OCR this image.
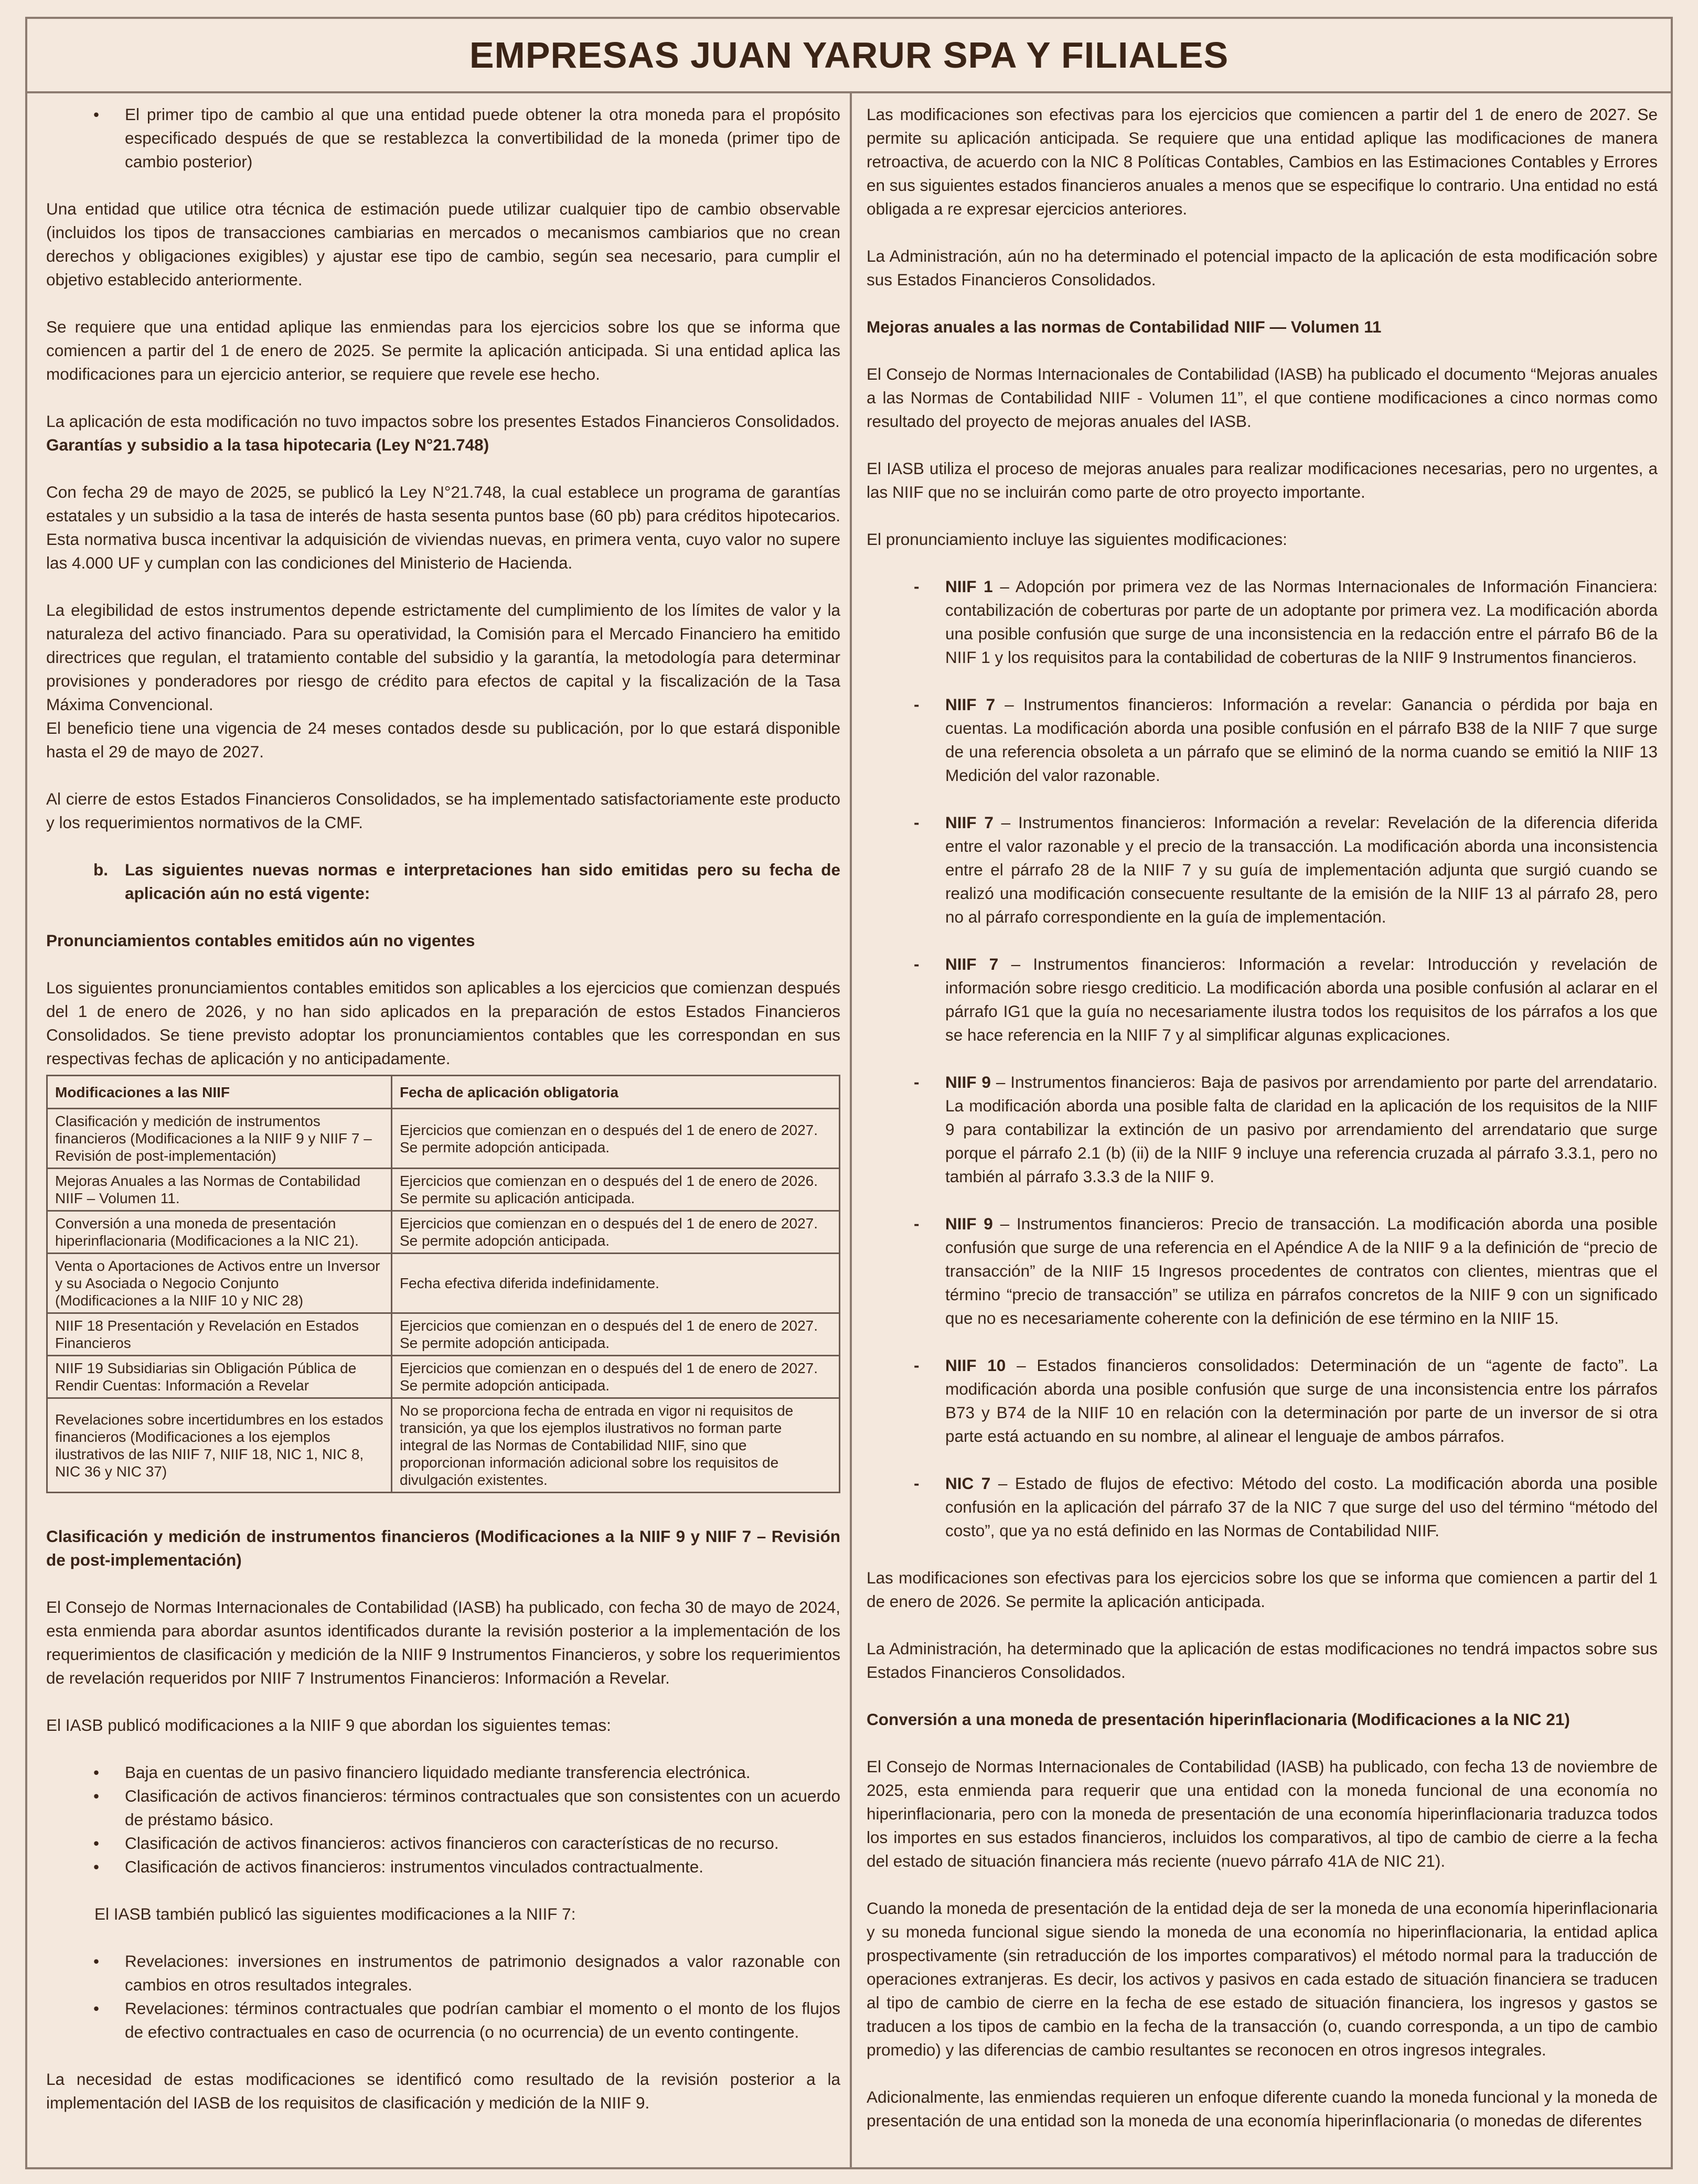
EMPRESAS JUAN YARUR SPA Y FILIALES
• El primer tipo de cambio al que una entidad puede obtener la otra moneda para el propósito especificado después de que se restablezca la convertibilidad de la moneda (primer tipo de cambio posterior)

Una entidad que utilice otra técnica de estimación puede utilizar cualquier tipo de cambio observable (incluidos los tipos de transacciones cambiarias en mercados o mecanismos cambiarios que no crean derechos y obligaciones exigibles) y ajustar ese tipo de cambio, según sea necesario, para cumplir el objetivo establecido anteriormente.

Se requiere que una entidad aplique las enmiendas para los ejercicios sobre los que se informa que comiencen a partir del 1 de enero de 2025. Se permite la aplicación anticipada. Si una entidad aplica las modificaciones para un ejercicio anterior, se requiere que revele ese hecho.

La aplicación de esta modificación no tuvo impactos sobre los presentes Estados Financieros Consolidados.

Garantías y subsidio a la tasa hipotecaria (Ley N°21.748)

Con fecha 29 de mayo de 2025, se publicó la Ley N°21.748, la cual establece un programa de garantías estatales y un subsidio a la tasa de interés de hasta sesenta puntos base (60 pb) para créditos hipotecarios. Esta normativa busca incentivar la adquisición de viviendas nuevas, en primera venta, cuyo valor no supere las 4.000 UF y cumplan con las condiciones del Ministerio de Hacienda.

La elegibilidad de estos instrumentos depende estrictamente del cumplimiento de los límites de valor y la naturaleza del activo financiado. Para su operatividad, la Comisión para el Mercado Financiero ha emitido directrices que regulan, el tratamiento contable del subsidio y la garantía, la metodología para determinar provisiones y ponderadores por riesgo de crédito para efectos de capital y la fiscalización de la Tasa Máxima Convencional.

El beneficio tiene una vigencia de 24 meses contados desde su publicación, por lo que estará disponible hasta el 29 de mayo de 2027.

Al cierre de estos Estados Financieros Consolidados, se ha implementado satisfactoriamente este producto y los requerimientos normativos de la CMF.

b. Las siguientes nuevas normas e interpretaciones han sido emitidas pero su fecha de aplicación aún no está vigente:
Pronunciamientos contables emitidos aún no vigentes

Los siguientes pronunciamientos contables emitidos son aplicables a los ejercicios que comienzan después del 1 de enero de 2026, y no han sido aplicados en la preparación de estos Estados Financieros Consolidados. Se tiene previsto adoptar los pronunciamientos contables que les correspondan en sus respectivas fechas de aplicación y no anticipadamente.

Modificaciones a las NIIF	Fecha de aplicación obligatoria
Clasificación y medición de instrumentos financieros (Modificaciones a la NIIF 9 y NIIF 7 – Revisión de post-implementación)	Ejercicios que comienzan en o después del 1 de enero de 2027. Se permite adopción anticipada.
Mejoras Anuales a las Normas de Contabilidad NIIF – Volumen 11.	Ejercicios que comienzan en o después del 1 de enero de 2026. Se permite su aplicación anticipada.
Conversión a una moneda de presentación hiperinflacionaria (Modificaciones a la NIC 21).	Ejercicios que comienzan en o después del 1 de enero de 2027. Se permite adopción anticipada.
Venta o Aportaciones de Activos entre un Inversor y su Asociada o Negocio Conjunto (Modificaciones a la NIIF 10 y NIC 28)	Fecha efectiva diferida indefinidamente.
NIIF 18 Presentación y Revelación en Estados Financieros	Ejercicios que comienzan en o después del 1 de enero de 2027. Se permite adopción anticipada.
NIIF 19 Subsidiarias sin Obligación Pública de Rendir Cuentas: Información a Revelar	Ejercicios que comienzan en o después del 1 de enero de 2027. Se permite adopción anticipada.
Revelaciones sobre incertidumbres en los estados financieros (Modificaciones a los ejemplos ilustrativos de las NIIF 7, NIIF 18, NIC 1, NIC 8, NIC 36 y NIC 37)	No se proporciona fecha de entrada en vigor ni requisitos de transición, ya que los ejemplos ilustrativos no forman parte integral de las Normas de Contabilidad NIIF, sino que proporcionan información adicional sobre los requisitos de divulgación existentes.
Clasificación y medición de instrumentos financieros (Modificaciones a la NIIF 9 y NIIF 7 – Revisión de post-implementación)

El Consejo de Normas Internacionales de Contabilidad (IASB) ha publicado, con fecha 30 de mayo de 2024, esta enmienda para abordar asuntos identificados durante la revisión posterior a la implementación de los requerimientos de clasificación y medición de la NIIF 9 Instrumentos Financieros, y sobre los requerimientos de revelación requeridos por NIIF 7 Instrumentos Financieros: Información a Revelar.

El IASB publicó modificaciones a la NIIF 9 que abordan los siguientes temas:

• Baja en cuentas de un pasivo financiero liquidado mediante transferencia electrónica.
• Clasificación de activos financieros: términos contractuales que son consistentes con un acuerdo de préstamo básico.
• Clasificación de activos financieros: activos financieros con características de no recurso.
• Clasificación de activos financieros: instrumentos vinculados contractualmente.

El IASB también publicó las siguientes modificaciones a la NIIF 7:

• Revelaciones: inversiones en instrumentos de patrimonio designados a valor razonable con cambios en otros resultados integrales.
• Revelaciones: términos contractuales que podrían cambiar el momento o el monto de los flujos de efectivo contractuales en caso de ocurrencia (o no ocurrencia) de un evento contingente.

La necesidad de estas modificaciones se identificó como resultado de la revisión posterior a la implementación del IASB de los requisitos de clasificación y medición de la NIIF 9.

Las modificaciones son efectivas para los ejercicios que comiencen a partir del 1 de enero de 2027. Se permite su aplicación anticipada. Se requiere que una entidad aplique las modificaciones de manera retroactiva, de acuerdo con la NIC 8 Políticas Contables, Cambios en las Estimaciones Contables y Errores en sus siguientes estados financieros anuales a menos que se especifique lo contrario. Una entidad no está obligada a re expresar ejercicios anteriores.

La Administración, aún no ha determinado el potencial impacto de la aplicación de esta modificación sobre sus Estados Financieros Consolidados.

Mejoras anuales a las normas de Contabilidad NIIF — Volumen 11

El Consejo de Normas Internacionales de Contabilidad (IASB) ha publicado el documento “Mejoras anuales a las Normas de Contabilidad NIIF - Volumen 11”, el que contiene modificaciones a cinco normas como resultado del proyecto de mejoras anuales del IASB.

El IASB utiliza el proceso de mejoras anuales para realizar modificaciones necesarias, pero no urgentes, a las NIIF que no se incluirán como parte de otro proyecto importante.

El pronunciamiento incluye las siguientes modificaciones:

- NIIF 1 – Adopción por primera vez de las Normas Internacionales de Información Financiera: contabilización de coberturas por parte de un adoptante por primera vez. La modificación aborda una posible confusión que surge de una inconsistencia en la redacción entre el párrafo B6 de la NIIF 1 y los requisitos para la contabilidad de coberturas de la NIIF 9 Instrumentos financieros.
- NIIF 7 – Instrumentos financieros: Información a revelar: Ganancia o pérdida por baja en cuentas. La modificación aborda una posible confusión en el párrafo B38 de la NIIF 7 que surge de una referencia obsoleta a un párrafo que se eliminó de la norma cuando se emitió la NIIF 13 Medición del valor razonable.
- NIIF 7 – Instrumentos financieros: Información a revelar: Revelación de la diferencia diferida entre el valor razonable y el precio de la transacción. La modificación aborda una inconsistencia entre el párrafo 28 de la NIIF 7 y su guía de implementación adjunta que surgió cuando se realizó una modificación consecuente resultante de la emisión de la NIIF 13 al párrafo 28, pero no al párrafo correspondiente en la guía de implementación.
- NIIF 7 – Instrumentos financieros: Información a revelar: Introducción y revelación de información sobre riesgo crediticio. La modificación aborda una posible confusión al aclarar en el párrafo IG1 que la guía no necesariamente ilustra todos los requisitos de los párrafos a los que se hace referencia en la NIIF 7 y al simplificar algunas explicaciones.
- NIIF 9 – Instrumentos financieros: Baja de pasivos por arrendamiento por parte del arrendatario. La modificación aborda una posible falta de claridad en la aplicación de los requisitos de la NIIF 9 para contabilizar la extinción de un pasivo por arrendamiento del arrendatario que surge porque el párrafo 2.1 (b) (ii) de la NIIF 9 incluye una referencia cruzada al párrafo 3.3.1, pero no también al párrafo 3.3.3 de la NIIF 9.
- NIIF 9 – Instrumentos financieros: Precio de transacción. La modificación aborda una posible confusión que surge de una referencia en el Apéndice A de la NIIF 9 a la definición de “precio de transacción” de la NIIF 15 Ingresos procedentes de contratos con clientes, mientras que el término “precio de transacción” se utiliza en párrafos concretos de la NIIF 9 con un significado que no es necesariamente coherente con la definición de ese término en la NIIF 15.
- NIIF 10 – Estados financieros consolidados: Determinación de un “agente de facto”. La modificación aborda una posible confusión que surge de una inconsistencia entre los párrafos B73 y B74 de la NIIF 10 en relación con la determinación por parte de un inversor de si otra parte está actuando en su nombre, al alinear el lenguaje de ambos párrafos.
- NIC 7 – Estado de flujos de efectivo: Método del costo. La modificación aborda una posible confusión en la aplicación del párrafo 37 de la NIC 7 que surge del uso del término “método del costo”, que ya no está definido en las Normas de Contabilidad NIIF.

Las modificaciones son efectivas para los ejercicios sobre los que se informa que comiencen a partir del 1 de enero de 2026. Se permite la aplicación anticipada.

La Administración, ha determinado que la aplicación de estas modificaciones no tendrá impactos sobre sus Estados Financieros Consolidados.

Conversión a una moneda de presentación hiperinflacionaria (Modificaciones a la NIC 21)

El Consejo de Normas Internacionales de Contabilidad (IASB) ha publicado, con fecha 13 de noviembre de 2025, esta enmienda para requerir que una entidad con la moneda funcional de una economía no hiperinflacionaria, pero con la moneda de presentación de una economía hiperinflacionaria traduzca todos los importes en sus estados financieros, incluidos los comparativos, al tipo de cambio de cierre a la fecha del estado de situación financiera más reciente (nuevo párrafo 41A de NIC 21).

Cuando la moneda de presentación de la entidad deja de ser la moneda de una economía hiperinflacionaria y su moneda funcional sigue siendo la moneda de una economía no hiperinflacionaria, la entidad aplica prospectivamente (sin retraducción de los importes comparativos) el método normal para la traducción de operaciones extranjeras. Es decir, los activos y pasivos en cada estado de situación financiera se traducen al tipo de cambio de cierre en la fecha de ese estado de situación financiera, los ingresos y gastos se traducen a los tipos de cambio en la fecha de la transacción (o, cuando corresponda, a un tipo de cambio promedio) y las diferencias de cambio resultantes se reconocen en otros ingresos integrales.

Adicionalmente, las enmiendas requieren un enfoque diferente cuando la moneda funcional y la moneda de presentación de una entidad son la moneda de una economía hiperinflacionaria (o monedas de diferentes
